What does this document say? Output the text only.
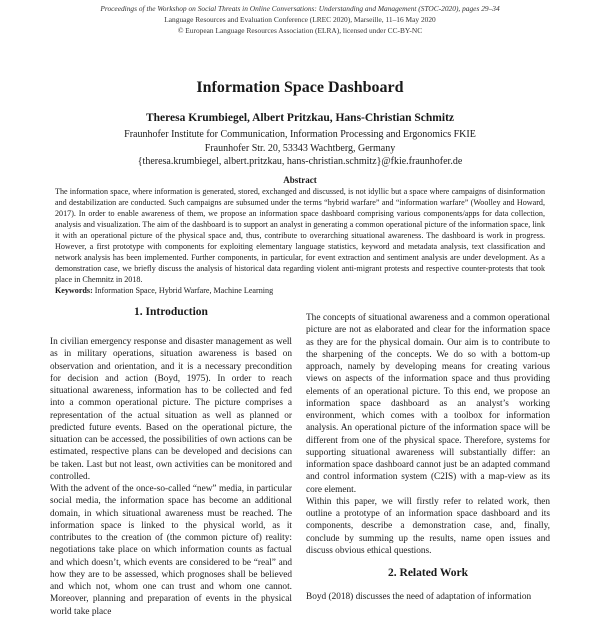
Proceedings of the Workshop on Social Threats in Online Conversations: Understanding and Management (STOC-2020), pages 29–34
Language Resources and Evaluation Conference (LREC 2020), Marseille, 11–16 May 2020
© European Language Resources Association (ELRA), licensed under CC-BY-NC
Information Space Dashboard
Theresa Krumbiegel, Albert Pritzkau, Hans-Christian Schmitz
Fraunhofer Institute for Communication, Information Processing and Ergonomics FKIE
Fraunhofer Str. 20, 53343 Wachtberg, Germany
{theresa.krumbiegel, albert.pritzkau, hans-christian.schmitz}@fkie.fraunhofer.de
Abstract

The information space, where information is generated, stored, exchanged and discussed, is not idyllic but a space where campaigns of disinformation and destabilization are conducted. Such campaigns are subsumed under the terms “hybrid warfare” and “information warfare” (Woolley and Howard, 2017). In order to enable awareness of them, we propose an information space dashboard comprising various components/apps for data collection, analysis and visualization. The aim of the dashboard is to support an analyst in generating a common operational picture of the information space, link it with an operational picture of the physical space and, thus, contribute to overarching situational awareness. The dashboard is work in progress. However, a first prototype with components for exploiting elementary language statistics, keyword and metadata analysis, text classification and network analysis has been implemented. Further components, in particular, for event extraction and sentiment analysis are under development. As a demonstration case, we briefly discuss the analysis of historical data regarding violent anti-migrant protests and respective counter-protests that took place in Chemnitz in 2018.

Keywords: Information Space, Hybrid Warfare, Machine Learning

1. Introduction

In civilian emergency response and disaster management as well as in military operations, situation awareness is based on observation and orientation, and it is a necessary precondition for decision and action (Boyd, 1975). In order to reach situational awareness, information has to be collected and fed into a common operational picture. The picture comprises a representation of the actual situation as well as planned or predicted future events. Based on the operational picture, the situation can be accessed, the possibilities of own actions can be estimated, respective plans can be developed and decisions can be taken. Last but not least, own activities can be monitored and controlled.

With the advent of the once-so-called “new” media, in particular social media, the information space has become an additional domain, in which situational awareness must be reached. The information space is linked to the physical world, as it contributes to the creation of (the common picture of) reality: negotiations take place on which information counts as factual and which doesn’t, which events are considered to be “real” and how they are to be assessed, which prognoses shall be believed and which not, whom one can trust and whom one cannot. Moreover, planning and preparation of events in the physical world take place

The concepts of situational awareness and a common operational picture are not as elaborated and clear for the information space as they are for the physical domain. Our aim is to contribute to the sharpening of the concepts. We do so with a bottom-up approach, namely by developing means for creating various views on aspects of the information space and thus providing elements of an operational picture. To this end, we propose an information space dashboard as an analyst’s working environment, which comes with a toolbox for information analysis. An operational picture of the information space will be different from one of the physical space. Therefore, systems for supporting situational awareness will substantially differ: an information space dashboard cannot just be an adapted command and control information system (C2IS) with a map-view as its core element.

Within this paper, we will firstly refer to related work, then outline a prototype of an information space dashboard and its components, describe a demonstration case, and, finally, conclude by summing up the results, name open issues and discuss obvious ethical questions.

2. Related Work

Boyd (2018) discusses the need of adaptation of information
